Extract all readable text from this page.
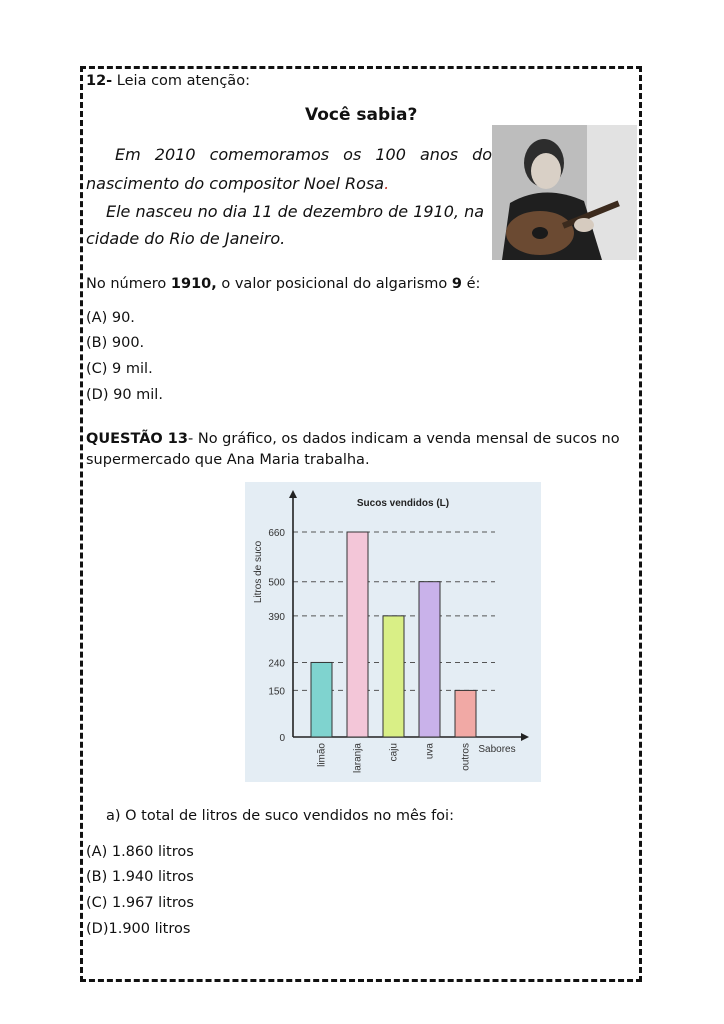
12- Leia com atenção:
Você sabia?
Em 2010 comemoramos os 100 anos do
nascimento do compositor Noel Rosa.
Ele nasceu no dia 11 de dezembro de 1910, na
cidade do Rio de Janeiro.
No número 1910, o valor posicional do algarismo 9 é:
(A) 90.
(B) 900.
(C) 9 mil.
(D) 90 mil.
QUESTÃO 13- No gráfico, os dados indicam a venda mensal de sucos no
supermercado que Ana Maria trabalha.
660
500
390
240
150
0
Sucos vendidos (L)
Litros de suco
Sabores
limão	laranja	caju	uva	outros
a) O total de litros de suco vendidos no mês foi:
(A) 1.860 litros
(B) 1.940 litros
(C) 1.967 litros
(D)1.900 litros
